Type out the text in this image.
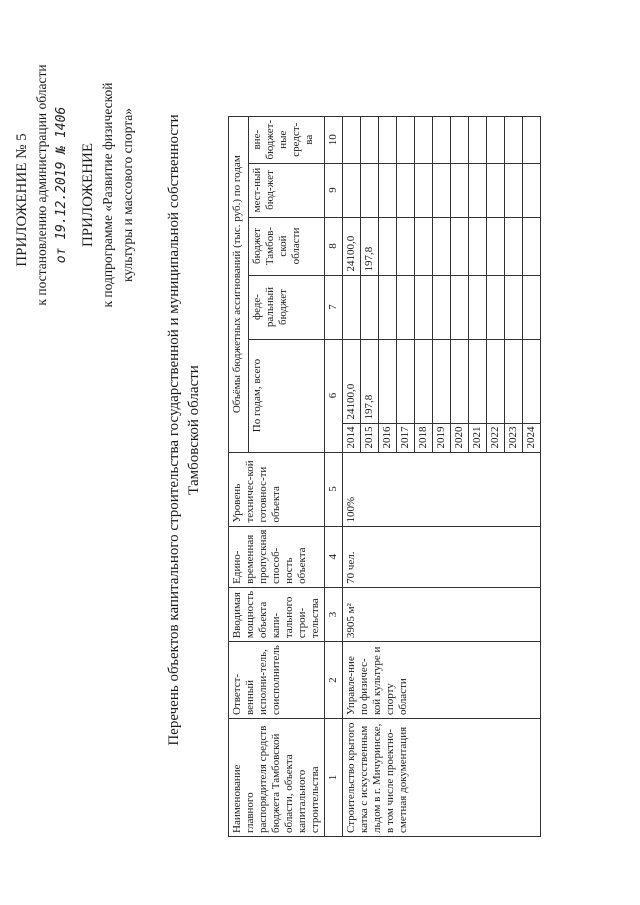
ПРИЛОЖЕНИЕ № 5 к постановлению администрации области от 19.12.2019 № 1406 ПРИЛОЖЕНИЕ к подпрограмме «Развитие физической культуры и массового спорта» Перечень объектов капитального строительства государственной и муниципальной собственности Тамбовской области
Наименование главного распорядителя средств бюджета Тамбовской области, объекта капитального строительства	Ответст-венный исполни-тель, соисполнитель	Вводимая мощность объекта капи-тального строи-тельства	Едино-временная пропускная способ-ность объекта	Уровень техничес-кой готовнос-ти объекта	Объёмы бюджетных ассигнований (тыс. руб.) по годам					
					По годам, всего		феде-ральный бюджет	бюджет Тамбов-ской области	мест-ный бюд-жет	вне-бюджет-ные средст-ва
1	2	3	4	5	6		7	8	9	10
Строительство крытого катка с искусственным льдом в г. Мичуринске, в том числе проектно-сметная документация	Управле-ние по физичес-кой культуре и спорту области	3905 м²	70 чел.	100%	2014	24100,0		24100,0		
					2015	197,8		197,8		
					2016					
					2017					
					2018					
					2019					
					2020					
					2021					
					2022					
					2023					
					2024					
